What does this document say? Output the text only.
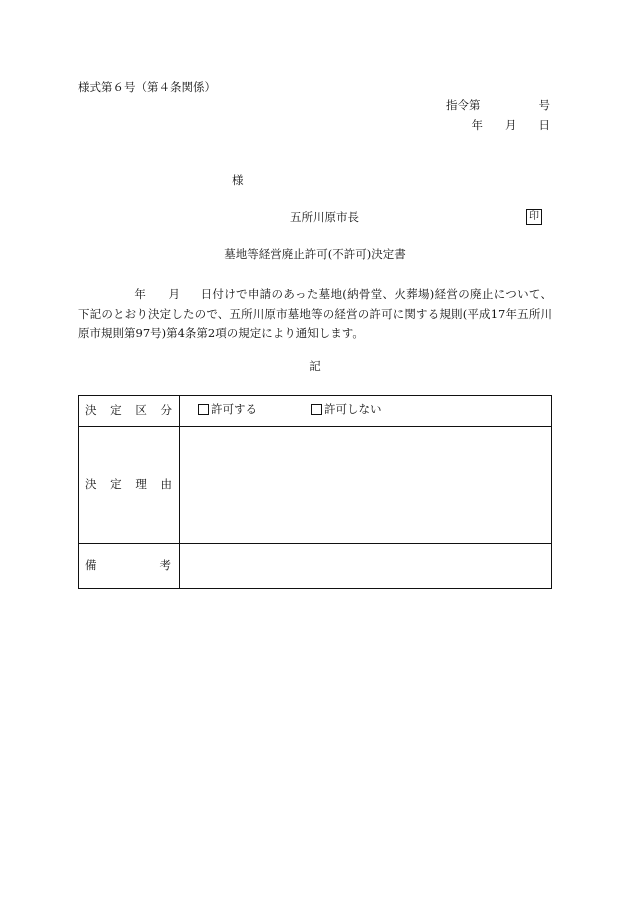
様式第６号（第４条関係）
指令第	号
年 月 日
様
五所川原市長	印
墓地等経営廃止許可(不許可)決定書
年 月 日付けで申請のあった墓地(納骨堂、火葬場)経営の廃止について、下記のとおり決定したので、五所川原市墓地等の経営の許可に関する規則(平成17年五所川原市規則第97号)第4条第2項の規定により通知します。
記
決 定 区 分	許可する 許可しない

決 定 理 由	

備 考	
